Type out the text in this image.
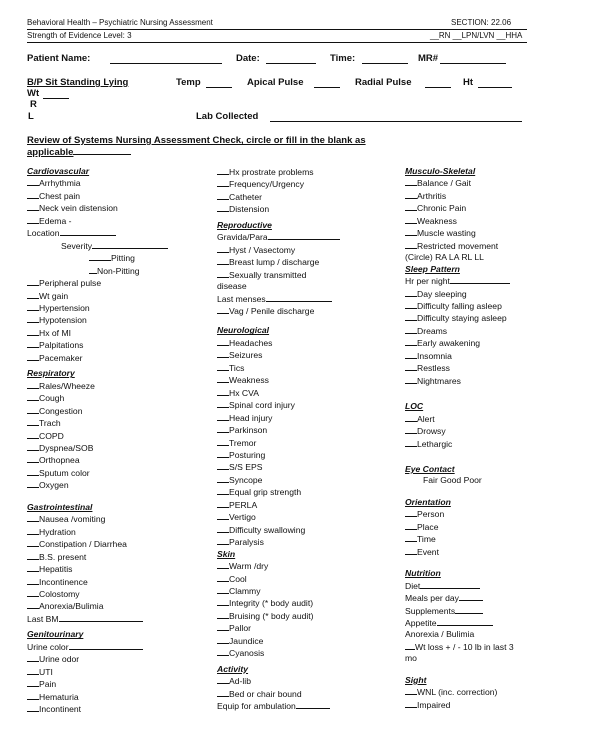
Behavioral Health – Psychiatric Nursing Assessment	SECTION: 22.06
Strength of Evidence Level: 3	__RN __LPN/LVN __HHA
Patient Name:	Date:	Time:	MR#
B/P Sit Standing Lying	Temp	Apical Pulse	Radial Pulse	Ht
Wt
R
L	Lab Collected
Review of Systems Nursing Assessment Check, circle or fill in the blank as
applicable
Cardiovascular
Arrhythmia
Chest pain
Neck vein distension
Edema -
Location
Severity
Pitting
Non-Pitting
Peripheral pulse
Wt gain
Hypertension
Hypotension
Hx of MI
Palpitations
Pacemaker
Respiratory
Rales/Wheeze
Cough
Congestion
Trach
COPD
Dyspnea/SOB
Orthopnea
Sputum color
Oxygen
Gastrointestinal
Nausea /vomiting
Hydration
Constipation / Diarrhea
B.S. present
Hepatitis
Incontinence
Colostomy
Anorexia/Bulimia
Last BM
Genitourinary
Urine color
Urine odor
UTI
Pain
Hematuria
Incontinent
Hx prostrate problems
Frequency/Urgency
Catheter
Distension
Reproductive
Gravida/Para
Hyst / Vasectomy
Breast lump / discharge
Sexually transmitted
disease
Last menses
Vag / Penile discharge
Neurological
Headaches
Seizures
Tics
Weakness
Hx CVA
Spinal cord injury
Head injury
Parkinson
Tremor
Posturing
S/S EPS
Syncope
Equal grip strength
PERLA
Vertigo
Difficulty swallowing
Paralysis
Skin
Warm /dry
Cool
Clammy
Integrity (* body audit)
Bruising (* body audit)
Pallor
Jaundice
Cyanosis
Activity
Ad-lib
Bed or chair bound
Equip for ambulation
Musculo-Skeletal
Balance / Gait
Arthritis
Chronic Pain
Weakness
Muscle wasting
Restricted movement
(Circle) RA LA RL LL
Sleep Pattern
Hr per night
Day sleeping
Difficulty falling asleep
Difficulty staying asleep
Dreams
Early awakening
Insomnia
Restless
Nightmares
LOC
Alert
Drowsy
Lethargic
Eye Contact
Fair Good Poor
Orientation
Person
Place
Time
Event
Nutrition
Diet
Meals per day
Supplements
Appetite
Anorexia / Bulimia
Wt loss + / - 10 lb in last 3
mo
Sight
WNL (inc. correction)
Impaired
